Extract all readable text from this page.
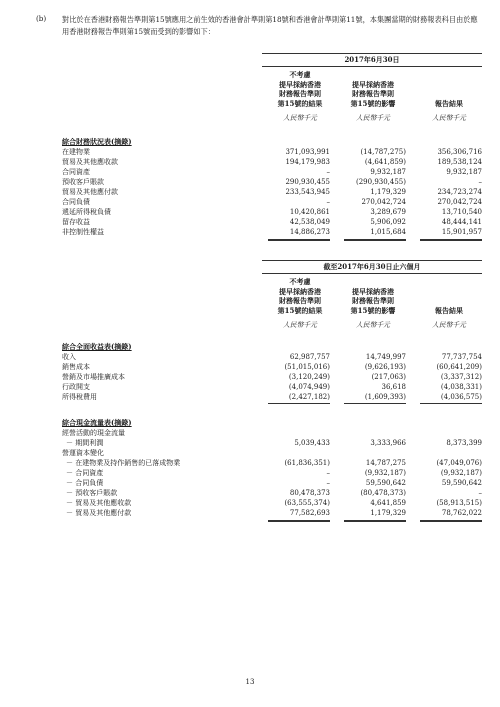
(b) 對比於在香港財務報告準則第15號應用之前生效的香港會計準則第18號和香港會計準則第11號，本集團當期的財務報表科目由於應用香港財務報告準則第15號而受到的影響如下：
2017年6月30日
不考慮
提早採納香港
財務報告準則
第15號的結果
提早採納香港
財務報告準則
第15號的影響	報告結果
人民幣千元	人民幣千元	人民幣千元
綜合財務狀況表(摘錄)
在建物業	371,093,991	(14,787,275)	356,306,716
貿易及其他應收款	194,179,983	(4,641,859)	189,538,124
合同資產	–	9,932,187	9,932,187
預收客戶賬款	290,930,455	(290,930,455)	–
貿易及其他應付款	233,543,945	1,179,329	234,723,274
合同負債	–	270,042,724	270,042,724
遞延所得稅負債	10,420,861	3,289,679	13,710,540
留存收益	42,538,049	5,906,092	48,444,141
非控制性權益	14,886,273	1,015,684	15,901,957
截至2017年6月30日止六個月
不考慮
提早採納香港
財務報告準則
第15號的結果
提早採納香港
財務報告準則
第15號的影響	報告結果
人民幣千元	人民幣千元	人民幣千元
綜合全面收益表(摘錄)
收入	62,987,757	14,749,997	77,737,754
銷售成本	(51,015,016)	(9,626,193)	(60,641,209)
營銷及市場推廣成本	(3,120,249)	(217,063)	(3,337,312)
行政開支	(4,074,949)	36,618	(4,038,331)
所得稅費用	(2,427,182)	(1,609,393)	(4,036,575)
綜合現金流量表(摘錄)
經營活動的現金流量
－ 期間利潤	5,039,433	3,333,966	8,373,399
營運資本變化
－ 在建物業及持作銷售的已落成物業	(61,836,351)	14,787,275	(47,049,076)
－ 合同資產	–	(9,932,187)	(9,932,187)
－ 合同負債	–	59,590,642	59,590,642
－ 預收客戶賬款	80,478,373	(80,478,373)	–
－ 貿易及其他應收款	(63,555,374)	4,641,859	(58,913,515)
－ 貿易及其他應付款	77,582,693	1,179,329	78,762,022
13
